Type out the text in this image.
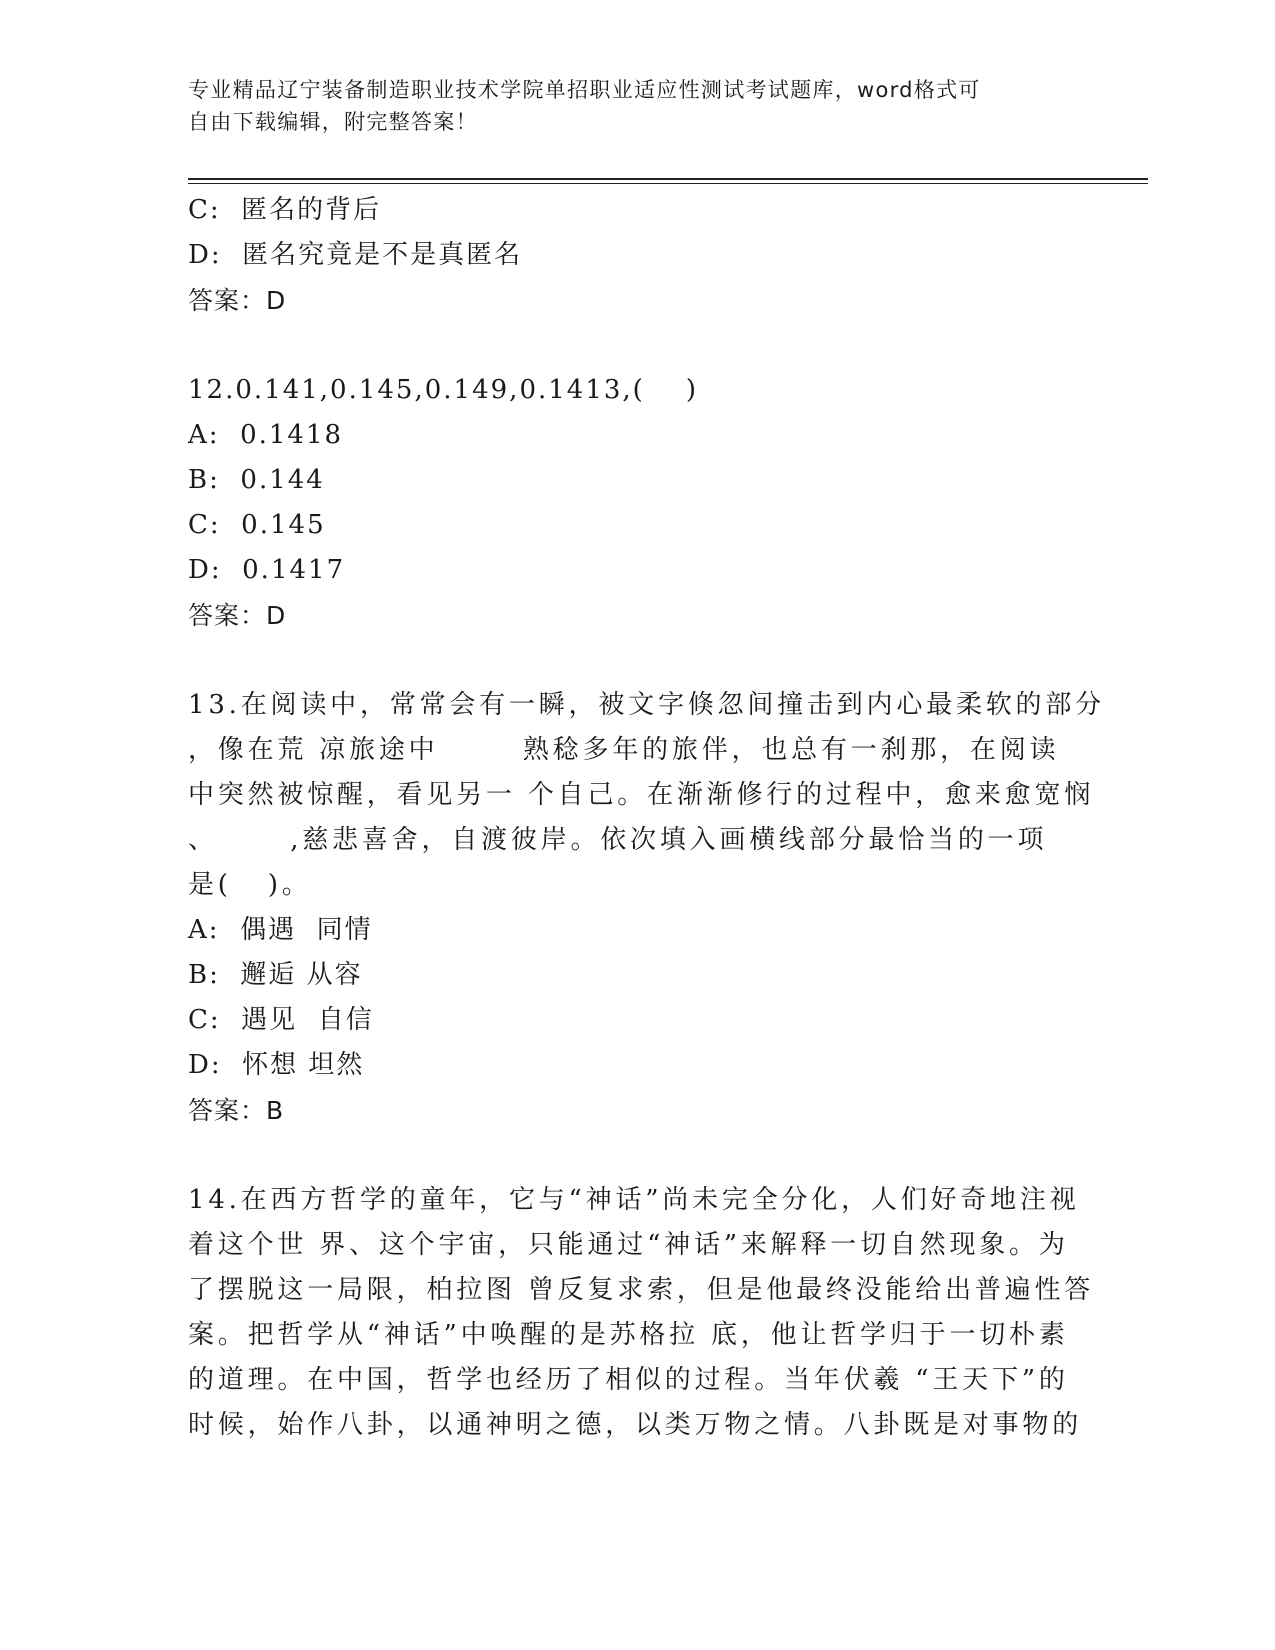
专业精品辽宁装备制造职业技术学院单招职业适应性测试考试题库，word格式可
自由下载编辑，附完整答案！
C:  匿名的背后
D:  匿名究竟是不是真匿名
答案：D
12.0.141,0.145,0.149,0.1413,(    )
A:  0.1418
B:  0.144
C:  0.145
D:  0.1417
答案：D
13.在阅读中，常常会有一瞬，被文字倏忽间撞击到内心最柔软的部分
，像在荒 凉旅途中       熟稔多年的旅伴，也总有一刹那，在阅读
中突然被惊醒，看见另一 个自己。在渐渐修行的过程中，愈来愈宽悯
、      ,慈悲喜舍，自渡彼岸。依次填入画横线部分最恰当的一项
是(   )。
A:  偶遇  同情
B:  邂逅 从容
C:  遇见  自信
D:  怀想 坦然
答案：B
14.在西方哲学的童年，它与“神话”尚未完全分化，人们好奇地注视
着这个世 界、这个宇宙，只能通过“神话”来解释一切自然现象。为
了摆脱这一局限，柏拉图 曾反复求索，但是他最终没能给出普遍性答
案。把哲学从“神话”中唤醒的是苏格拉 底，他让哲学归于一切朴素
的道理。在中国，哲学也经历了相似的过程。当年伏羲 “王天下”的
时候，始作八卦，以通神明之德，以类万物之情。八卦既是对事物的
